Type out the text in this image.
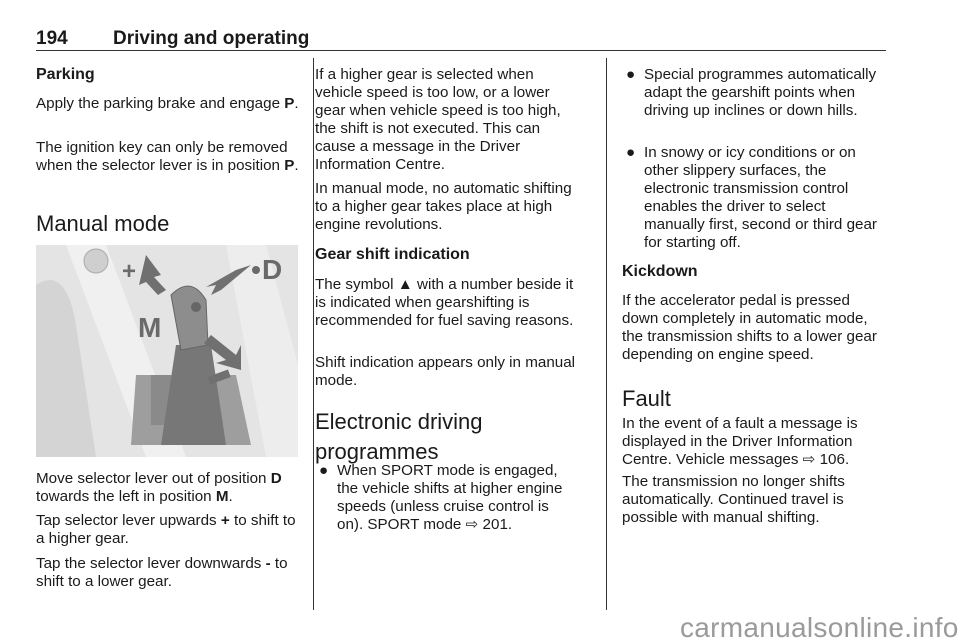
194 Driving and operating
Parking
Apply the parking brake and engage P.
The ignition key can only be removed when the selector lever is in position P.
Manual mode
Move selector lever out of position D towards the left in position M.
Tap selector lever upwards + to shift to a higher gear.
Tap the selector lever downwards - to shift to a lower gear.
+
M
D
If a higher gear is selected when vehicle speed is too low, or a lower gear when vehicle speed is too high, the shift is not executed. This can cause a message in the Driver Information Centre.
In manual mode, no automatic shifting to a higher gear takes place at high engine revolutions.
Gear shift indication
The symbol ▲ with a number beside it is indicated when gearshifting is recommended for fuel saving reasons.
Shift indication appears only in manual mode.
Electronic driving programmes
● When SPORT mode is engaged, the vehicle shifts at higher engine speeds (unless cruise control is on). SPORT mode ⇨ 201.
● Special programmes automatically adapt the gearshift points when driving up inclines or down hills.
● In snowy or icy conditions or on other slippery surfaces, the electronic transmission control enables the driver to select manually first, second or third gear for starting off.
Kickdown
If the accelerator pedal is pressed down completely in automatic mode, the transmission shifts to a lower gear depending on engine speed.
Fault
In the event of a fault a message is displayed in the Driver Information Centre. Vehicle messages ⇨ 106.
The transmission no longer shifts automatically. Continued travel is possible with manual shifting.
carmanualsonline.info
